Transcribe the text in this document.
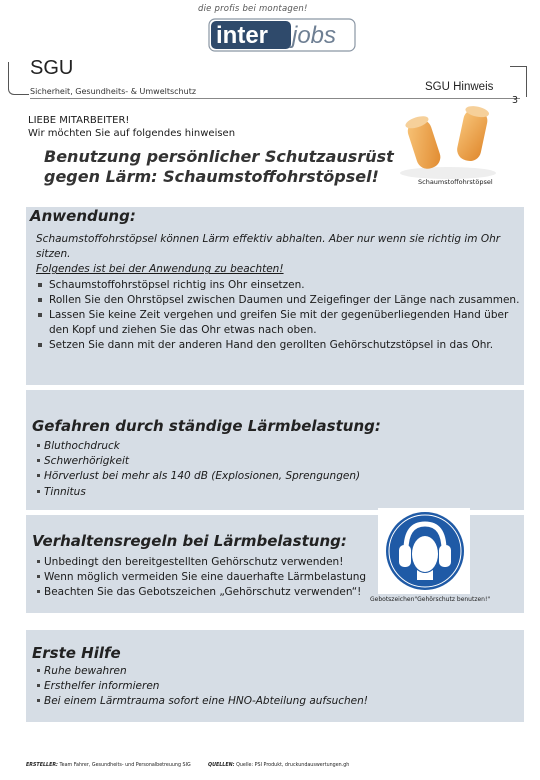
die profis bei montagen!
inter jobs
SGU
Sicherheit, Gesundheits- & Umweltschutz	SGU Hinweis
3
LIEBE MITARBEITER!
Wir möchten Sie auf folgendes hinweisen
Benutzung persönlicher Schutzausrüst
gegen Lärm: Schaumstoffohrstöpsel!	Schaumstoffohrstöpsel
Anwendung:
Schaumstoffohrstöpsel können Lärm effektiv abhalten. Aber nur wenn sie richtig im Ohr sitzen.
Folgendes ist bei der Anwendung zu beachten!
Schaumstoffohrstöpsel richtig ins Ohr einsetzen.
Rollen Sie den Ohrstöpsel zwischen Daumen und Zeigefinger der Länge nach zusammen.
Lassen Sie keine Zeit vergehen und greifen Sie mit der gegenüberliegenden Hand über den Kopf und ziehen Sie das Ohr etwas nach oben.
Setzen Sie dann mit der anderen Hand den gerollten Gehörschutzstöpsel in das Ohr.
Gefahren durch ständige Lärmbelastung:
Bluthochdruck
Schwerhörigkeit
Hörverlust bei mehr als 140 dB (Explosionen, Sprengungen)
Tinnitus
Verhaltensregeln bei Lärmbelastung:
Unbedingt den bereitgestellten Gehörschutz verwenden!
Wenn möglich vermeiden Sie eine dauerhafte Lärmbelastung
Beachten Sie das Gebotszeichen „Gehörschutz verwenden“!
Gebotszeichen"Gehörschutz benutzen!"
Erste Hilfe
Ruhe bewahren
Ersthelfer informieren
Bei einem Lärmtrauma sofort eine HNO-Abteilung aufsuchen!
ERSTELLER: Team Fahrer, Gesundheits- und Personalbetreuung SIG	QUELLEN: Quelle: PSI Produkt, druckundauswertungen.gh
